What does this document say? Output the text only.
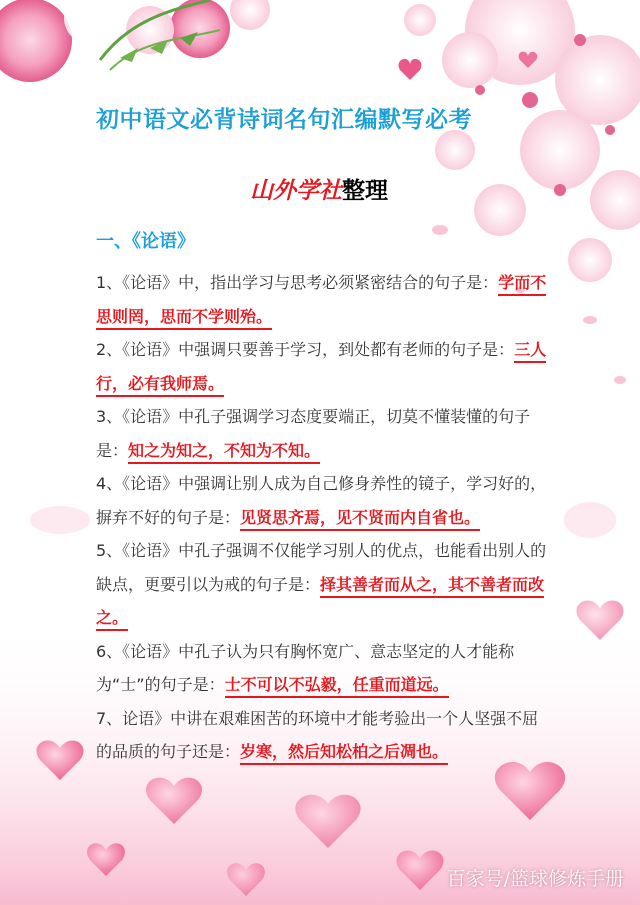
初中语文必背诗词名句汇编默写必考
山外学社整理
一、《论语》

1、《论语》中，指出学习与思考必须紧密结合的句子是：学而不思则罔，思而不学则殆。

2、《论语》中强调只要善于学习，到处都有老师的句子是：三人行，必有我师焉。

3、《论语》中孔子强调学习态度要端正，切莫不懂装懂的句子是：知之为知之，不知为不知。

4、《论语》中强调让别人成为自己修身养性的镜子，学习好的，摒弃不好的句子是：见贤思齐焉，见不贤而内自省也。

5、《论语》中孔子强调不仅能学习别人的优点，也能看出别人的缺点，更要引以为戒的句子是：择其善者而从之，其不善者而改之。

6、《论语》中孔子认为只有胸怀宽广、意志坚定的人才能称为“士”的句子是：士不可以不弘毅，任重而道远。

7、论语》中讲在艰难困苦的环境中才能考验出一个人坚强不屈的品质的句子还是：岁寒，然后知松柏之后凋也。

百家号/篮球修炼手册
